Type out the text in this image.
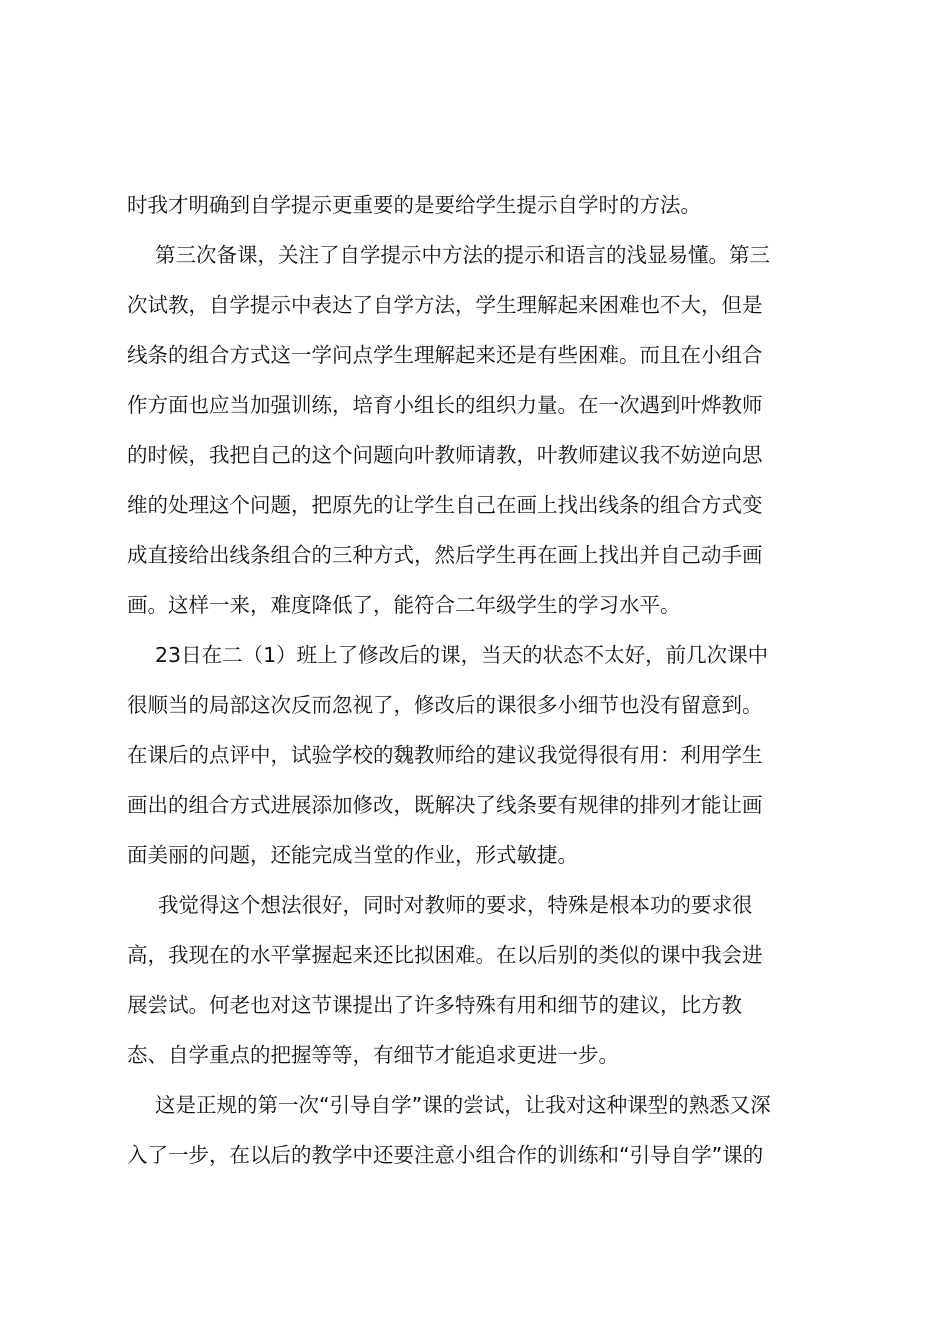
时我才明确到自学提示更重要的是要给学生提示自学时的方法。
第三次备课，关注了自学提示中方法的提示和语言的浅显易懂。第三
次试教，自学提示中表达了自学方法，学生理解起来困难也不大，但是
线条的组合方式这一学问点学生理解起来还是有些困难。而且在小组合
作方面也应当加强训练，培育小组长的组织力量。在一次遇到叶烨教师
的时候，我把自己的这个问题向叶教师请教，叶教师建议我不妨逆向思
维的处理这个问题，把原先的让学生自己在画上找出线条的组合方式变
成直接给出线条组合的三种方式，然后学生再在画上找出并自己动手画
画。这样一来，难度降低了，能符合二年级学生的学习水平。
23日在二（1）班上了修改后的课，当天的状态不太好，前几次课中
很顺当的局部这次反而忽视了，修改后的课很多小细节也没有留意到。
在课后的点评中，试验学校的魏教师给的建议我觉得很有用：利用学生
画出的组合方式进展添加修改，既解决了线条要有规律的排列才能让画
面美丽的问题，还能完成当堂的作业，形式敏捷。
我觉得这个想法很好，同时对教师的要求，特殊是根本功的要求很
高，我现在的水平掌握起来还比拟困难。在以后别的类似的课中我会进
展尝试。何老也对这节课提出了许多特殊有用和细节的建议，比方教
态、自学重点的把握等等，有细节才能追求更进一步。
这是正规的第一次“引导自学”课的尝试，让我对这种课型的熟悉又深
入了一步，在以后的教学中还要注意小组合作的训练和“引导自学”课的
